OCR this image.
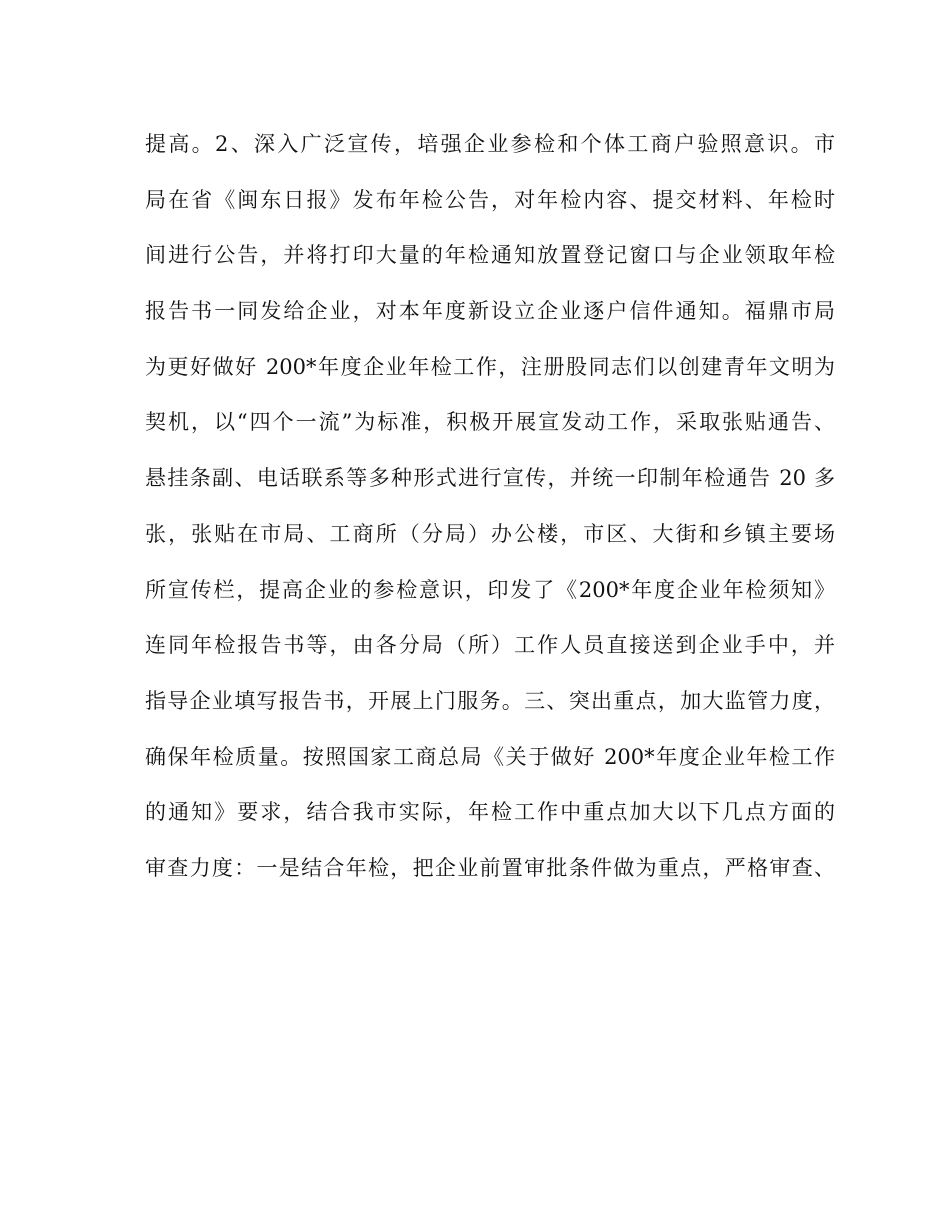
提高。2、深入广泛宣传，培强企业参检和个体工商户验照意识。市
局在省《闽东日报》发布年检公告，对年检内容、提交材料、年检时
间进行公告，并将打印大量的年检通知放置登记窗口与企业领取年检
报告书一同发给企业，对本年度新设立企业逐户信件通知。福鼎市局
为更好做好 200*年度企业年检工作，注册股同志们以创建青年文明为
契机，以“四个一流”为标准，积极开展宣发动工作，采取张贴通告、
悬挂条副、电话联系等多种形式进行宣传，并统一印制年检通告 20 多
张，张贴在市局、工商所（分局）办公楼，市区、大街和乡镇主要场
所宣传栏，提高企业的参检意识，印发了《200*年度企业年检须知》
连同年检报告书等，由各分局（所）工作人员直接送到企业手中，并
指导企业填写报告书，开展上门服务。三、突出重点，加大监管力度，
确保年检质量。按照国家工商总局《关于做好 200*年度企业年检工作
的通知》要求，结合我市实际，年检工作中重点加大以下几点方面的
审查力度：一是结合年检，把企业前置审批条件做为重点，严格审查、
